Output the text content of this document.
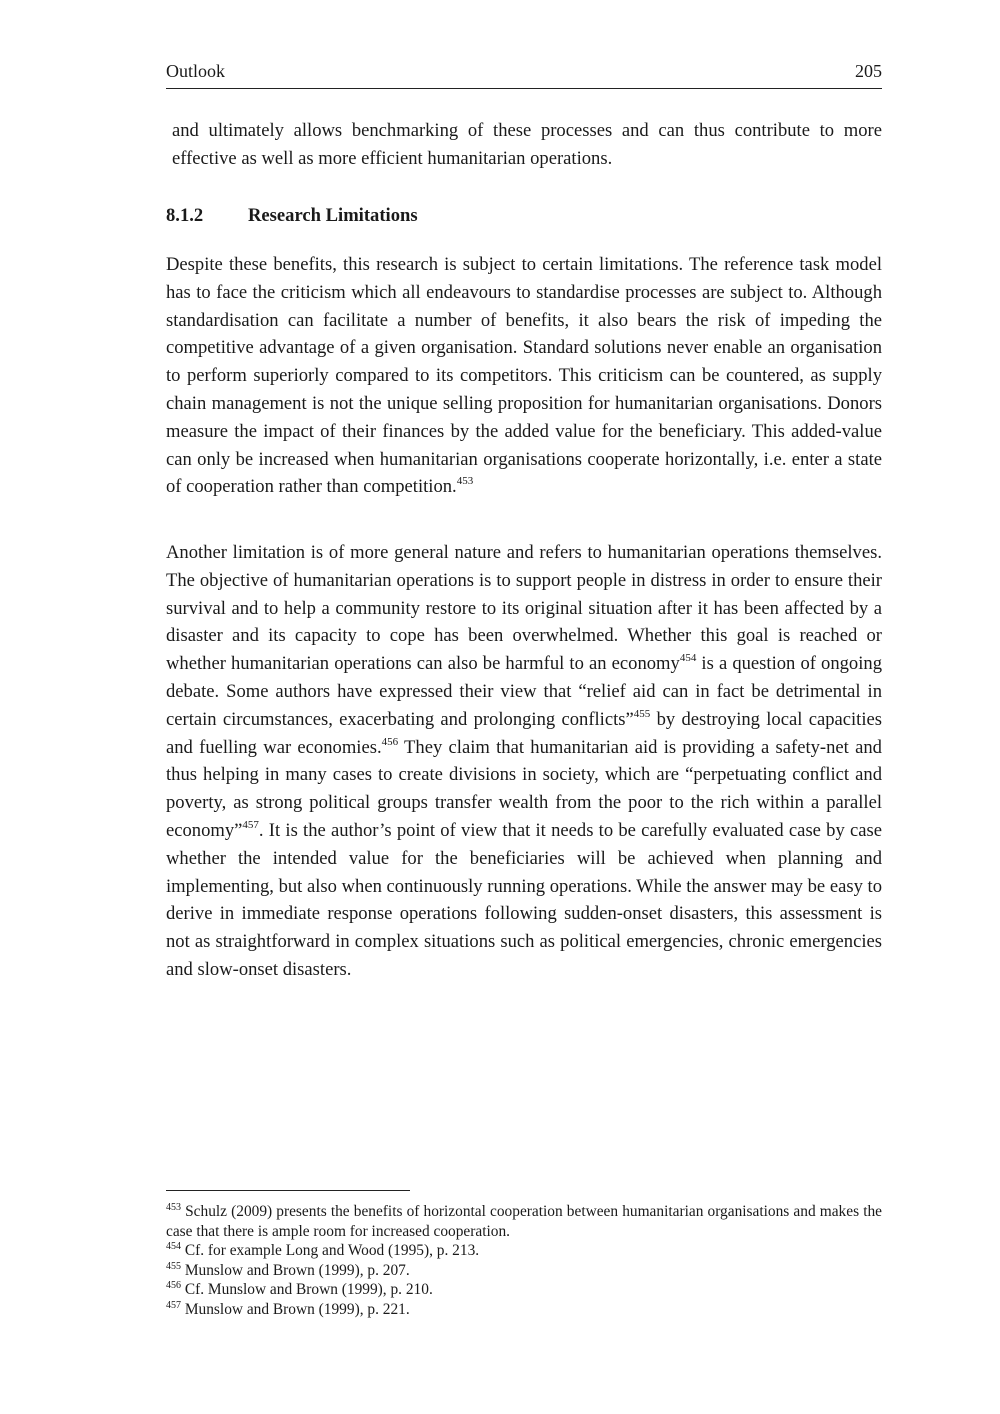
Outlook	205

and ultimately allows benchmarking of these processes and can thus contribute to more effective as well as more efficient humanitarian operations.

8.1.2 Research Limitations

Despite these benefits, this research is subject to certain limitations. The reference task model has to face the criticism which all endeavours to standardise processes are subject to. Although standardisation can facilitate a number of benefits, it also bears the risk of impeding the competitive advantage of a given organisation. Standard solutions never enable an organisation to perform superiorly compared to its competitors. This criticism can be countered, as supply chain management is not the unique selling proposition for humanitarian organisations. Donors measure the impact of their finances by the added value for the beneficiary. This added-value can only be increased when humanitarian organisations cooperate horizontally, i.e. enter a state of cooperation rather than competition.$^{453}$

Another limitation is of more general nature and refers to humanitarian operations themselves. The objective of humanitarian operations is to support people in distress in order to ensure their survival and to help a community restore to its original situation after it has been affected by a disaster and its capacity to cope has been overwhelmed. Whether this goal is reached or whether humanitarian operations can also be harmful to an economy$^{454}$ is a question of ongoing debate. Some authors have expressed their view that “relief aid can in fact be detrimental in certain circumstances, exacerbating and prolonging conflicts”$^{455}$ by destroying local capacities and fuelling war economies.$^{456}$ They claim that humanitarian aid is providing a safety-net and thus helping in many cases to create divisions in society, which are “perpetuating conflict and poverty, as strong political groups transfer wealth from the poor to the rich within a parallel economy”$^{457}$. It is the author’s point of view that it needs to be carefully evaluated case by case whether the intended value for the beneficiaries will be achieved when planning and implementing, but also when continuously running operations. While the answer may be easy to derive in immediate response operations following sudden-onset disasters, this assessment is not as straightforward in complex situations such as political emergencies, chronic emergencies and slow-onset disasters.

$^{453}$ Schulz (2009) presents the benefits of horizontal cooperation between humanitarian organisations and makes the case that there is ample room for increased cooperation.

$^{454}$ Cf. for example Long and Wood (1995), p. 213.

$^{455}$ Munslow and Brown (1999), p. 207.

$^{456}$ Cf. Munslow and Brown (1999), p. 210.

$^{457}$ Munslow and Brown (1999), p. 221.
